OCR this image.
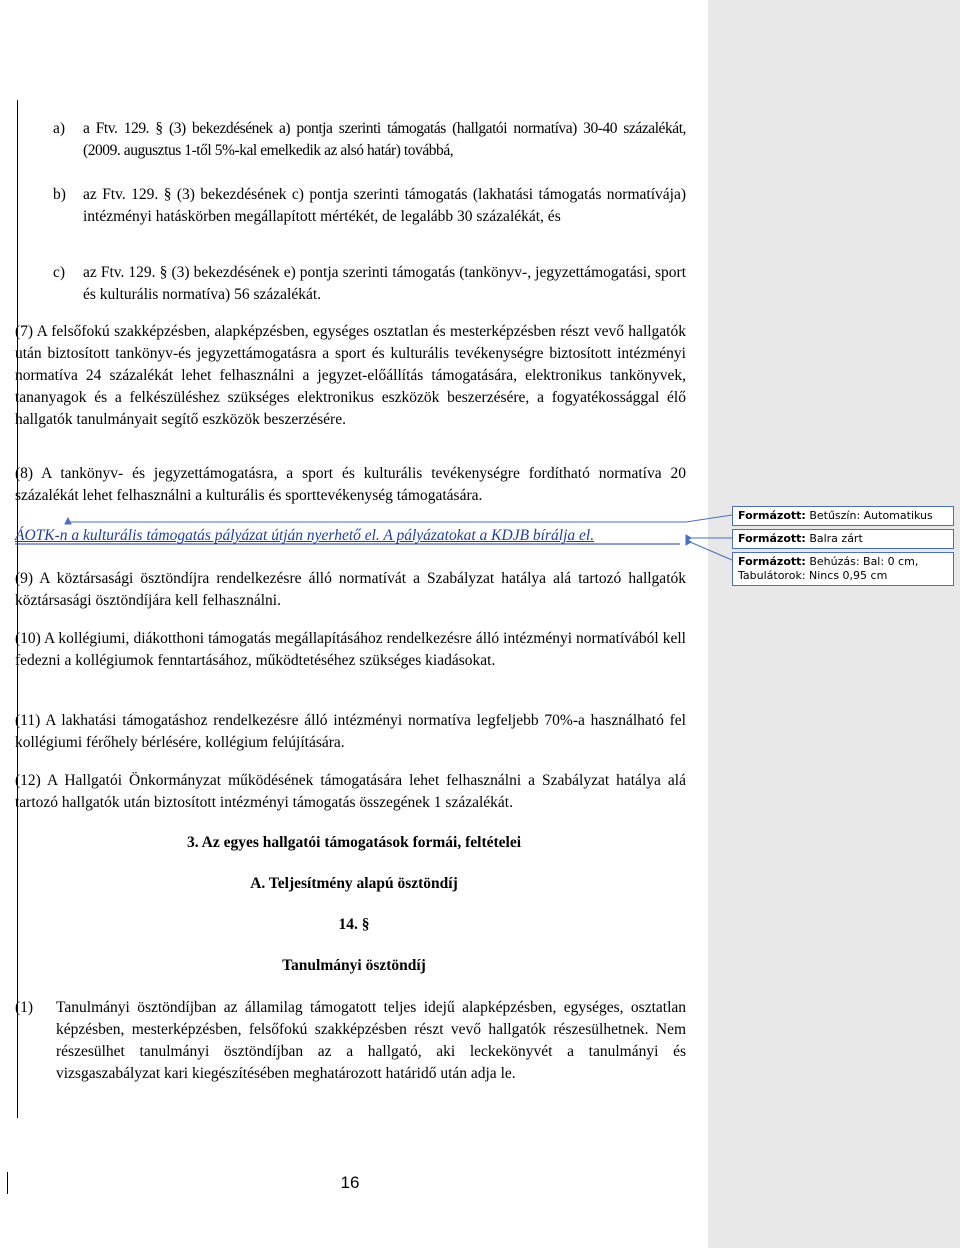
a) a Ftv. 129. § (3) bekezdésének a) pontja szerinti támogatás (hallgatói normatíva) 30-40 százalékát, (2009. augusztus 1-től 5%-kal emelkedik az alsó határ) továbbá,
b) az Ftv. 129. § (3) bekezdésének c) pontja szerinti támogatás (lakhatási támogatás normatívája) intézményi hatáskörben megállapított mértékét, de legalább 30 százalékát, és
c) az Ftv. 129. § (3) bekezdésének e) pontja szerinti támogatás (tankönyv-, jegyzettámogatási, sport és kulturális normatíva) 56 százalékát.

(7) A felsőfokú szakképzésben, alapképzésben, egységes osztatlan és mesterképzésben részt vevő hallgatók után biztosított tankönyv-és jegyzettámogatásra a sport és kulturális tevékenységre biztosított intézményi normatíva 24 százalékát lehet felhasználni a jegyzet-előállítás támogatására, elektronikus tankönyvek, tananyagok és a felkészüléshez szükséges elektronikus eszközök beszerzésére, a fogyatékossággal élő hallgatók tanulmányait segítő eszközök beszerzésére.

(8) A tankönyv- és jegyzettámogatásra, a sport és kulturális tevékenységre fordítható normatíva 20 százalékát lehet felhasználni a kulturális és sporttevékenység támogatására.

ÁOTK-n a kulturális támogatás pályázat útján nyerhető el. A pályázatokat a KDJB bírálja el.

(9) A köztársasági ösztöndíjra rendelkezésre álló normatívát a Szabályzat hatálya alá tartozó hallgatók köztársasági ösztöndíjára kell felhasználni.

(10) A kollégiumi, diákotthoni támogatás megállapításához rendelkezésre álló intézményi normatívából kell fedezni a kollégiumok fenntartásához, működtetéséhez szükséges kiadásokat.

(11) A lakhatási támogatáshoz rendelkezésre álló intézményi normatíva legfeljebb 70%-a használható fel kollégiumi férőhely bérlésére, kollégium felújítására.

(12) A Hallgatói Önkormányzat működésének támogatására lehet felhasználni a Szabályzat hatálya alá tartozó hallgatók után biztosított intézményi támogatás összegének 1 százalékát.

3. Az egyes hallgatói támogatások formái, feltételei

A. Teljesítmény alapú ösztöndíj

14. §

Tanulmányi ösztöndíj

(1) Tanulmányi ösztöndíjban az államilag támogatott teljes idejű alapképzésben, egységes, osztatlan képzésben, mesterképzésben, felsőfokú szakképzésben részt vevő hallgatók részesülhetnek. Nem részesülhet tanulmányi ösztöndíjban az a hallgató, aki leckekönyvét a tanulmányi és vizsgaszabályzat kari kiegészítésében meghatározott határidő után adja le.
Formázott: Betűszín: Automatikus
Formázott: Balra zárt
Formázott: Behúzás: Bal: 0 cm, Tabulátorok: Nincs 0,95 cm
16
